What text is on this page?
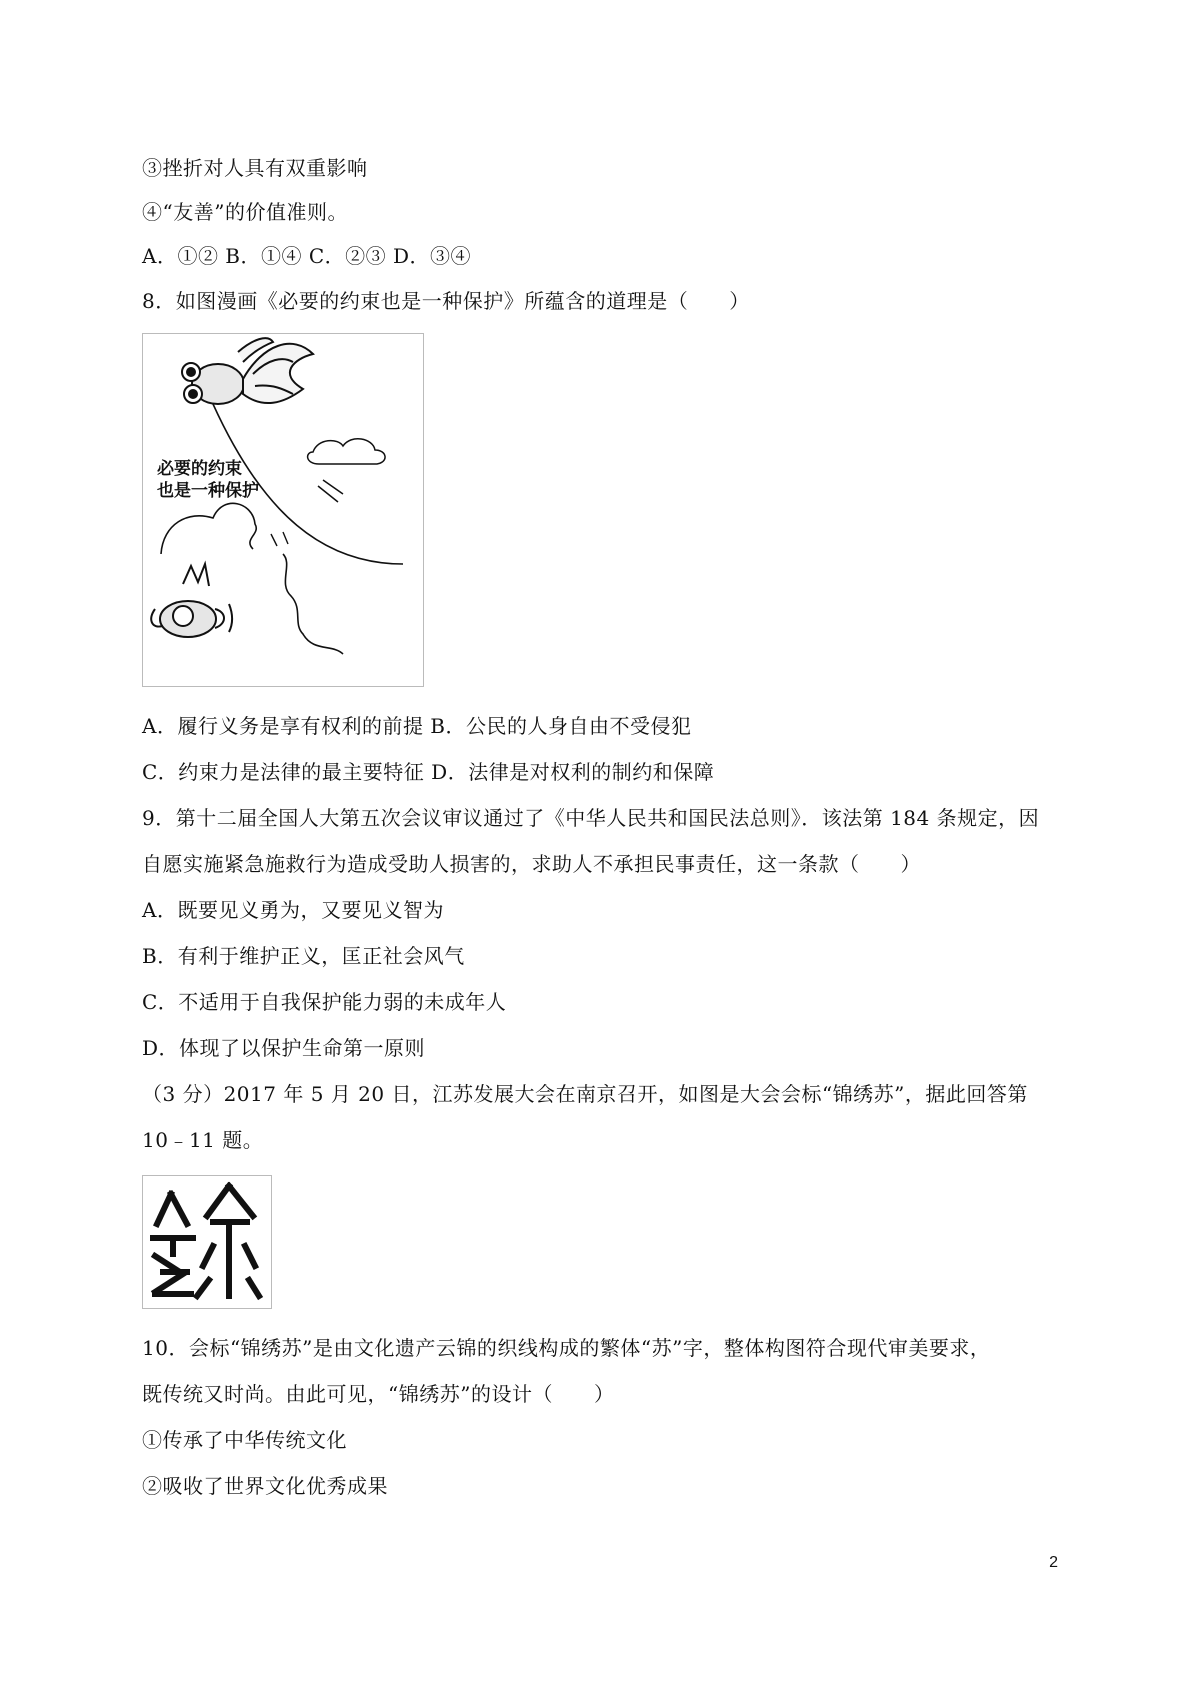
③挫折对人具有双重影响
④“友善”的价值准则。
A．①② B．①④ C．②③ D．③④
8．如图漫画《必要的约束也是一种保护》所蕴含的道理是（　　）
必要的约束
也是一种保护
A．履行义务是享有权利的前提 B．公民的人身自由不受侵犯
C．约束力是法律的最主要特征 D．法律是对权利的制约和保障
9．第十二届全国人大第五次会议审议通过了《中华人民共和国民法总则》．该法第 184 条规定，因
自愿实施紧急施救行为造成受助人损害的，求助人不承担民事责任，这一条款（　　）
A．既要见义勇为，又要见义智为
B．有利于维护正义，匡正社会风气
C．不适用于自我保护能力弱的未成年人
D．体现了以保护生命第一原则
（3 分）2017 年 5 月 20 日，江苏发展大会在南京召开，如图是大会会标“锦绣苏”，据此回答第
10﹣11 题。
10．会标“锦绣苏”是由文化遗产云锦的织线构成的繁体“苏”字，整体构图符合现代审美要求，
既传统又时尚。由此可见，“锦绣苏”的设计（　　）
①传承了中华传统文化
②吸收了世界文化优秀成果
2
